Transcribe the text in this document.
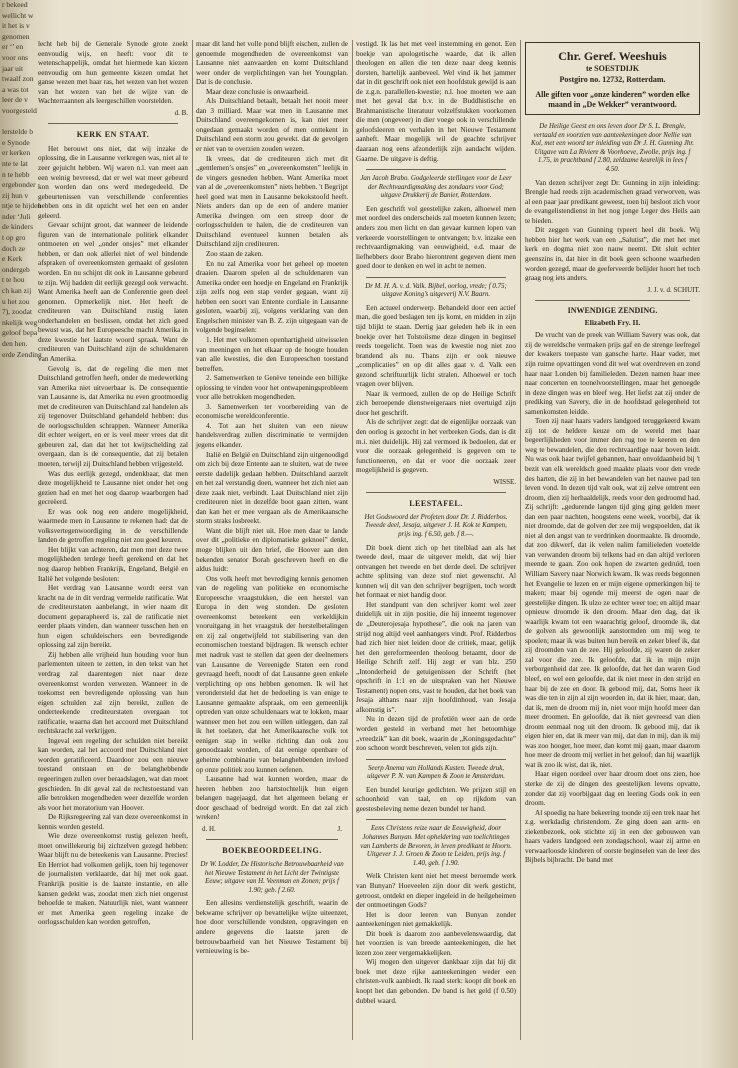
r bekeed
wellicht w
it het is v
genomen
er ‘’ en
voor ons
jaar uit
twaalf zon
a was tot
leer de v
voorgesteld

lerstelde b
e Synode
er kerken
nte te lat
n te hebb
ergebonder
zij hun v
ntje te hijden
nder ‘Juli
de kinders
t op gro
doch ze
e Kerk
ondergeb
t te hou
ch kan zij
u het zou
7), zoodat
nkelijk weg
geloof bepa
den hen.
erde Zending

lecht heb bij de Generale Synode grote zoekt eenvoudig wijs, en heeft: voor dit te wetenschappelijk, omdat het hiermede kan kiezen eenvoudig om hun gemeente kiezen omdat het ganse wezen met haar ras, het wezen van het wezen van het wezen van het de wijze van de Wachterraannen als leergeschillen voorstelden.

d. B.
KERK EN STAAT.

Het berouwt ons niet, dat wij inzake de oplossing, die in Lausanne verkregen was, niet al te zeer gejuicht hebben. Wij waren n.l. van meet aan een weinig bevreesd, dat er wel wat meer gebeurd kon worden dan ons werd medegedeeld. De gebeurtenissen van verschillende conferenties hebben ons in dit opzicht wel het een en ander geleerd.

Gevaar schijnt groot, dat wanneer de leidende figuren van de internationale politiek elkander ontmoeten en wel „onder onsjes” met elkander hebben, er dan ook allerlei niet of wel bindende afspraken of overeenkomsten gemaakt of gesloten worden. En nu schijnt dit ook in Lausanne gebeurd te zijn. Wij hadden dit eerlijk gezegd ook verwacht. Want Amerika heeft aan de Conferentie geen deel genomen. Opmerkelijk niet. Het heeft de crediteuren van Duitschland rustig laten onderhandelen en beslissen, omdat het zich goed bewust was, dat het Europeesche macht Amerika in deze kwestie het laatste woord spraak. Want de crediteuren van Duitschland zijn de schuldenaren van Amerika.

Gevolg is, dat de regeling die men met Duitschland getroffen heeft, onder de medewerking van Amerika niet uitvoerbaar is. De consequentie van Lausanne is, dat Amerika nu even grootmoedig met de crediteuren van Duitschland zal handelen als zij tegenover Duitschland gehandeld hebben: dus de oorlogsschulden schrappen. Wanneer Amerika dit echter weigert, en er is veel meer vrees dat dit gebeuren zal, dan dat het tot kwijtschelding zal overgaan, dan is de consequentie, dat zij betalen moeten, terwijl zij Duitschland hebben vrijgesteld.

Was dus eerlijk gezegd, ondenkbaar, dat men deze mogelijkheid te Lausanne niet onder het oog gezien had en met het oog daarop waarborgen had gecreëerd.

Er was ook nog een andere mogelijkheid, waarmede men in Lausanne te rekenen had: dat de volksvertegenwoordiging in de verschillende landen de getroffen regeling niet zou goed keuren.

Het blijkt van achteren, dat men met deze twee mogelijkheden terdege heeft gerekend en dat het nog daarop hebben Frankrijk, Engeland, België en Italië het volgende besloten:

Het verdrag van Lausanne wordt eerst van kracht na de in dit verdrag vermelde ratificatie. Wat de crediteurstaten aanbelangt, in wier naam dit document geparapheerd is, zal de ratificatie niet eerder plaats vinden, dan wanneer tusschen hen en hun eigen schuldeischers een bevredigende oplossing zal zijn bereikt.

Zij hebben alle vrijheid hun houding voor hun parlementen uiteen te zetten, in den tekst van het verdrag zal daarentegen niet naar deze overeenkomst worden verwezen. Wanneer in de toekomst een bevredigende oplossing van hun eigen schulden zal zijn bereikt, zullen de onderteekende crediteurstaten overgaan tot ratificatie, waarna dan het accoord met Duitschland rechtskracht zal verkrijgen.

Ingeval een regeling der schulden niet bereikt kan worden, zal het accoord met Duitschland niet worden geratificeerd. Daardoor zou een nieuwe toestand ontstaan en de belanghebbende regeeringen zullen over beraadslagen, wat dan moet geschieden. In dit geval zal de rechtstoestand van alle betrokken mogendheden weer dezelfde worden als voor het moratorium van Hoover.

De Rijksregeering zal van deze overeenkomst in kennis worden gesteld.

Wie deze overeenkomst rustig gelezen heeft, moet onwillekeurig bij zichzelven gezegd hebben: Waar blijft nu de beteekenis van Lausanne. Precies! En Herriot had volkomen gelijk, toen hij tegenover de journalisten verklaarde, dat hij met ook gaat. Frankrijk positie is de laatste instantie, en alle kansen gedekt was, zoodat men zich niet ongerust behoefde te maken. Natuurlijk niet, want wanneer er met Amerika geen regeling inzake de oorlogsschulden kan worden getroffen,

maar dit land het volle pond blijft eischen, zullen de genoemde mogendheden de overeenkomst van Lausanne niet aanvaarden en komt Duitschland weer onder de verplichtingen van het Youngplan. Dat is de conclusie.

Maar deze conclusie is onwaarheid.

Als Duitschland betaalt, betaalt het nooit meer dan 3 milliard. Maar wat men in Lausanne met Duitschland overeengekomen is, kan niet meer ongedaan gemaakt worden of men onttekent in Duitschland een storm zou gewekt. dat de gevolgen er niet van te overzien zouden wezen.

Ik vrees, dat de crediteuren zich met dit „gentlemen’s onsjes” en „overeenkomsten” leelijk in de vingers gesneden hebben. Want Amerika moet van al de „overeenkomsten” niets hebben. 't Begrijpt heel goed wat men in Lausanne bekokstoofd heeft. Niets anders dan op de een of andere manier Amerika dwingen om een streep door de oorlogsschulden te halen, die de crediteuren van Duitschland eventueel kunnen betalen als Duitschland zijn crediteuren.

Zoo staan de zaken.

En nu zal Amerika voor het geheel op moeten draaien. Daarom spelen al de schuldenaren van Amerika onder een hoedje en Engeland en Frankrijk zijn zelfs nog een stap verder gegaan, want zij hebben een soort van Entente cordiale in Lausanne gesloten, waarbij zij, volgens verklaring van den Engelschen minister van B. Z. zijn uitgegaan van de volgende beginselen:

1. Het met volkomen openhartigheid uitwisselen van meeningen en het elkaar op de hoogte houden van alle kwesties, die den Europeeschen toestand betreffen.

2. Samenwerken te Genève teneinde een billijke oplossing te vinden voor het ontwapeningsprobleem voor alle betrokken mogendheden.

3. Samenwerken ter voorbereiding van de economische wereldconferentie.

4. Tot aan het sluiten van een nieuw handelsverdrag zullen discriminatie te vermijden jegens elkander.

Italië en België en Duitschland zijn uitgenoodigd om zich bij deze Entente aan te sluiten, wat de twee eerste dadelijk gedaan hebben. Duitschland aarzelt en het zal verstandig doen, wanneer het zich niet aan deze zaak niet, verbindt. Laat Duitschland niet zijn crediteuren niet in dezelfde boot gaan zitten, want dan kan het er mee vergaan als de Amerikaansche storm straks losbreekt.

Want die blijft niet uit. Hoe men daar te lande over dit „politieke en diplomatieke geknoei” denkt, moge blijken uit den brief, die Hoover aan den bekenden senator Borah geschreven heeft en die aldus luidt:

Ons volk heeft met bevrediging kennis genomen van de regeling van politieke en economische Europeesche vraagstukken, die een herstel van Europa in den weg stonden. De gesloten overeenkomst beteekent een verkeldijkin vooruitgang in het vraagstuk der herstelbetalingen en zij zal ongetwijfeld tot stabilisering van den economischen toestand bijdragen. Ik wensch echter met nadruk vast te stellen dat geen der deelnemers van Lausanne de Vereenigde Staten een rond gevraagd heeft, noodt of dat Lausanne geen enkele verplichting op ons hebben genomen. Ik wil het verondersteld dat het de bedoeling is van enige te Lausanne gemaakte afspraak, om een gemeenlijk optreden van onze schuldenaars wat te lokken, maar wanneer men het zou een willen uitleggen, dan zal ik het toelaten, dat het Amerikaansche volk tot eenigen stap in welke richting dan ook zou genoodzaakt worden, of dat eenige openbare of geheime combinatie van belanghebbenden invloed op onze politiek zou kunnen oefenen.

Lausanne had wat kunnen worden, maar de heeren hebben zoo hartstochtelijk hun eigen belangen nagejaagd, dat het algemeen belang er door geschaad of bedreigd wordt. En dat zal zich wreken!

d. H.	J.
BOEKBEOORDEELING.
Dr W. Lodder, De Historische Betrouwbaarheid van het Nieuwe Testament in het Licht der Twintigste Eeuw; uitgave van H. Veenman en Zonen; prijs f 1.90; geb. f 2.60.

Een allesins verdienstelijk geschrift, waarin de bekwame schrijver op bevattelijke wijze uiteenzet, hoe door verschillende vondsten, opgravingen en andere gegevens die laatste jaren de betrouwbaarheid van het Nieuwe Testament bij vernieuwing is be-

vestigd. Ik las het met veel instemming en genot. Een boekje van apologetische waarde, dat ik allen theologen en allen die ten deze naar deeg kennis dorsten, hartelijk aanbeveel. Wel vind ik het jammer dat in dit geschrift ook niet een hoofdstuk gewijd is aan de z.g.n. parallellen-kwestie; n.l. hoe moeten we aan met het geval dat b.v. in de Buddhistische en Brahmanistische literatuur volzelfstukken voorkomen die men (ongeveer) in dier voege ook in verschillende geloofsleeren en verhalen in het Nieuwe Testament aanheft. Maar mogelijk wil de geachte schrijver daaraan nog eens afzonderlijk zijn aandacht wijden. Gaarne. De uitgave is deftig.

Jan Jacob Brabo. Godgeleerde stellingen voor de Leer der Rechtvaardigmaking des zondaars voor God; uitgave Drukkerij de Banier, Rotterdam.

Een geschrift vol geestelijke zaken, alhoewel men met oordeel des onderscheids zal moeten kunnen lezen; anders zou men licht en dan gevaar kunnen lopen van verkeerde voorstellingen te ontvangen; b.v. inzake een rechtvaardigmaking van eeuwigheid, e.d. maar de liefhebbers door Brabo hierontrent gegeven dient men goed door te denken en wel in acht te nemen.

Dr M. H. A. v. d. Valk. Bijbel, oorlog, vrede; f 0.75; uitgave Koning’s uitgeverij N.V. Baarn.

Een actueel onderwerp. Behandeld door een actief man, die goed beslagen ten ijs komt, en midden in zijn tijd blijkt te staan. Dertig jaar geleden heb ik in een boekje over het Tolstoïisme deze dingen in beginsel reeds toegelicht. Toen was de kwestie nog niet zoo brandend als nu. Thans zijn er ook nieuwe „complicaties” en op dit alles gaat v. d. Valk een gezond schriftuurlijk licht stralen. Alhoewel er toch vragen over blijven.

Naar ik vermoed, zullen de op de Heilige Schrift zich beroepende dienstweigeraars niet overtuigd zijn door het geschrift.

Als de schrijver zegt: dat de eigenlijke oorzaak van den oorlog is gezocht in het verbreken Gods, dan is dit m.i. niet duidelijk. Hij zal vermoed ik bedoelen, dat er voor die oorzaak gelegenheid is gegeven om te functioneeren, en dat er voor die oorzaak zeer mogelijkheid is gegeven.

WISSE.
LEESTAFEL.
Het Godswoord der Profeten door Dr. J. Ridderbos. Tweede deel, Jesaja, uitgever J. H. Kok te Kampen, prijs ing. f 6.50, geb. f 8.—.

Dit boek dient zich op het titelblad aan als het tweede deel, maar de uitgever meldt, dat wij hier ontvangen het tweede en het derde deel. De schrijver achtte splitsing van deze stof niet gewenscht. Al kunnen wij dit van den schrijver begrijpen, toch wordt het formaat er niet handig door.

Het standpunt van den schrijver komt wel zeer duidelijk uit in zijn positie, die hij inneemt tegenover de „Deuterojesaja hypothese”, die ook na jaren van strijd nog altijd veel aanhangers vindt. Prof. Ridderbos had zich hier niet leiden door de critiek, maar, gelijk het den gereformeerden theoloog betaamt, door de Heilige Schrift zelf. Hij zegt er van blz. 250 „Intonderheid de getuigenissen der Schrift (het opschrift in 1:1 en de uitspraken van het Nieuwe Testament) nopen ons, vast te houden, dat het boek van Jesaja althans naar zijn hoofdinhoud, van Jesaja afkomstig is”.

Nu in dezen tijd de profetiën weer aan de orde worden gesteld in verband met het betoomhige „vreedzik” kan dit boek, waarin de „Koningsgedachte” zoo schoon wordt beschreven, velen tot gids zijn.

Seerp Anema van Hollands Kusten. Tweede druk, uitgever P. N. van Kampen & Zoon te Amsterdam.

Een bundel keurige gedichten. We prijzen stijl en schoonheid van taal, en op rijkdom van geestesbeleving neme dezen bundel ter hand.

Eens Christens reize naar de Eeuwigheid, door Johannes Bunyan. Met opheldering van toelichtingen van Lamberts de Bevoren, in leven predikant te Hoorn. Uitgever J. J. Groen & Zoon te Leiden, prijs ing. f 1.40, geb. f 1.90.

Welk Christen kent niet het meest beroemde werk van Bunyan? Hoeveelen zijn door dit werk gesticht, getroost, ontdekt en dieper ingeleid in de heilgeheimen der ontmoetingen Gods?

Het is door leeren van Bunyan zonder aanteekeningen niet gemakkelijk.

Dit boek is daarom zoo aanbevelenswaardig, dat het voorzien is van breede aanteekeningen, die het lezen zoo zeer vergemakkelijken.

Wij mogen den uitgever dankbaar zijn dat hij dit boek met deze rijke aanteekeningen weder een christen-volk aanbiedt. Ik raad sterk: koopt dit boek en koopt het dan gebonden. De band is het geld (f 0.50) dubbel waard.

Chr. Geref. Weeshuis
te SOESTDIJK
Postgiro no. 12732, Rotterdam.
Alle giften voor „onze kinderen” worden elke maand in „De Wekker” verantwoord.
De Heilige Geest en ons leven door Dr S. L. Brengle, vertaald en voorzien van aanteekeningen door Nellie van Kol, met een woord ter inleiding van Dr J. H. Gunning Jhr. Uitgave van La Riviere & Voorhoeve, Zwolle, prijs ing. f 1.75, in prachtband f 2.80, zeldzame keurelijk in lees f 4.50.

Van dezen schrijver zegt Dr. Gunning in zijn inleiding: Brengle had reeds zijn academischen graad verworven, was al een paar jaar predikant geweest, toen hij besloot zich voor de evangelistendienst in het nog jonge Leger des Heils aan te bieden.

Dit zeggen van Gunning typeert heel dit boek. Wij hebben hier het werk van een „Salutist”, die met het met kerk en dogma niet zoo nauw neemt. Dit sluit echter geenszins in, dat hier in dit boek geen schoone waarheden worden gezegd, maar de geeferveerde belijder hoort het toch graag nog iets anders.

J. J. v. d. SCHUIT.
INWENDIGE ZENDING.
Elizabeth Fry. II.

De vrucht van de preek van William Savery was ook, dat zij de wereldsche vermaken prijs gaf en de strenge leefregel der kwakers toepaste van gansche harte. Haar vader, met zijn ruime opvattingen vond dit wel wat overdreven en zond haar naar Londen bij familieleden. Dezen namen haar mee naar concerten en toonelvoorstellingen, maar het genoegde in deze dingen was en bleef weg. Het liefst zat zij onder de prediking van Savery, die in de hoofdstad gelegenheid tot samenkomsten leidde.

Toen zij naar haars vaders landgoed teruggekeerd kwam zij tot de heldere keuze om de wereld met haar begeerlijkheden voor immer den rug toe te keeren en den weg te bewandelen, die den rechtvaardige naar boven leidt. Nu was ook haar twijfel gebannen, haar onvoldaanheid bij 't bezit van elk wereldsch goed maakte plaats voor den vrede des harten, die zij in het bewandelen van het nauwe pad ten leven vond. In dezen tijd valt ook, wat zij zelve omtrent een droom, dien zij herhaaldelijk, reeds voor den gedroomd had. Zij schrijft: „gedurende langen tijd ging ging gelden meer dan een paar nachten, hoogstens eene week, voorbij, dat ik niet droomde, dat de golven der zee mij wegspoelden, dat ik niet al den angst van te verdrinken doormaakte. Ik droomde, dat zoo dikwerf, dat ik velen nalim familieleden voetelde van verwanden droom bij telkens had en dan altijd verloren meende te gaan. Zoo ook hopen de zwarten gedruïd, toen William Savery naar Norwich kwam. Ik was reeds begonnen het Evangelie te lezen en er mijn eigene opmerkingen bij te maken; maar bij ogende mij meerst de ogen naar de geestelijke dingen. Ik ulzo ze echter weer toe; en altijd maar opnieuw droomde ik den droom. Maar den dag, dat ik waarlijk kwam tot een waarachtig geloof, droomde ik, dat de golven als gewoonlijk aanstormden om mij weg te spoelen; maar ik was buiten hun bereik en zeker bleef ik, dat zij droomden van de zee. Hij geloofde, zij waren de zeker zal voor die zee. Ik geloofde, dat ik in mijn mijn verborgenheid dat zee. Ik geloofde, dat het dan waren God bleef, en wel een geloofde, dat ik niet meer in den strijd en haar bij de zee en door. Ik gebood mij, dat, Soms heer ik was die ten in zijn al zijn woorden in, dat ik hier, maar, dan, dat ik, men de droom mij in, niet voor mijn hoofd meer dan meer droomen. En geloofde, dat ik niet gevreesd van dien droom eenmaal nog uit den droom. Ik gebood mij, dat ik eigen hier en, dat ik meer van mij, dat dan in mij, dan ik mij was zoo hooger, hoe meer, dan komt mij gaan, maar daarom hoe meer de droom mij verliet in het geloof; dan hij waarlijk wat ik zoo ik wist, dat ik, niet.

Haar eigen oordeel over haar droom doet ons zien, hoe sterke de zij de dingen des geestelijken levens opvatte, zonder dat zij voorbijgaat dag en leering Gods ook in een droom.

Al spoedig na hare bekeering toonde zij een trek naar het z.g. werkdadig christendom. Ze ging doen aan arm- en ziekenbezoek, ook stichtte zij in een der gebouwen van haars vaders landgoed een zondagschool, waar zij arme en verwaarloosde kinderen of oorste beginselen van de leer des Bijbels bijbracht. De band met
